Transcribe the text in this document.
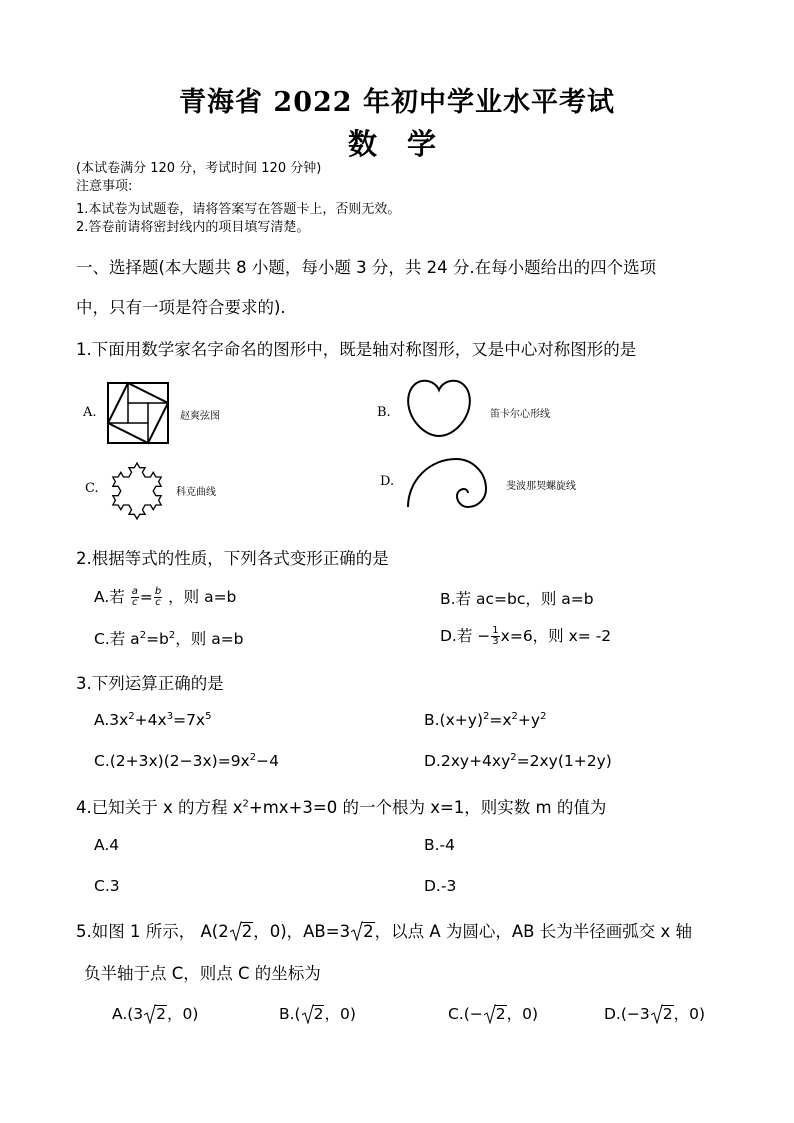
青海省 2022 年初中学业水平考试
数 学
(本试卷满分 120 分，考试时间 120 分钟)
注意事项:
1.本试卷为试题卷，请将答案写在答题卡上，否则无效。
2.答卷前请将密封线内的项目填写清楚。
一、选择题(本大题共 8 小题，每小题 3 分，共 24 分.在每小题给出的四个选项
中，只有一项是符合要求的).
1.下面用数学家名字命名的图形中，既是轴对称图形，又是中心对称图形的是
A.	赵爽弦图	B.	笛卡尔心形线
C.	科克曲线
D.	斐波那契螺旋线
2.根据等式的性质，下列各式变形正确的是
A.若 $\frac{a}{c} = \frac{b}{c}$ ，则 a=b	B.若 ac=bc，则 a=b
C.若 $a^2=b^2$，则 a=b	D.若 − $\frac{1}{3} x=6$，则 x= -2
3.下列运算正确的是
$A.3x^2+4x^3=7x^5$	$B.(x+y)^2=x^2+y^2$
$C.(2+3x)(2-3x)=9x^2-4$	$D.2xy+4xy^2=2xy(1+2y)$
4.已知关于 x 的方程 $x^2+mx+3=0$ 的一个根为 x=1，则实数 m 的值为
A.4	B.-4
C.3	D.-3
5.如图 1 所示， A(2 2，0)，AB=3 2，以点 A 为圆心，AB 长为半径画弧交 x 轴
负半轴于点 C，则点 C 的坐标为
A.(3 2，0)	B.( 2，0)	C.(− 2，0)	D.(−3 2，0)
